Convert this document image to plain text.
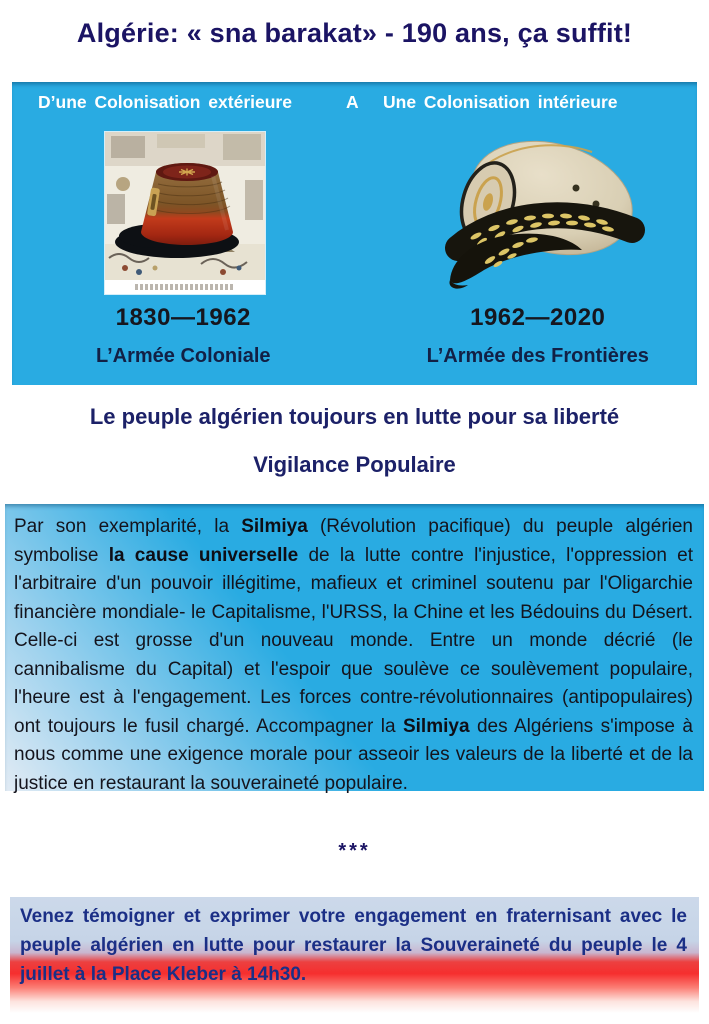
Algérie: « sna barakat» - 190 ans, ça suffit!
D’une Colonisation extérieure	A Une Colonisation intérieure
1830—1962	1962—2020
L’Armée Coloniale	L’Armée des Frontières
Le peuple algérien toujours en lutte pour sa liberté
Vigilance Populaire
Par son exemplarité, la Silmiya (Révolution pacifique) du peuple algérien symbolise la cause universelle de la lutte contre l'injustice, l'oppression et l'arbitraire d'un pouvoir illégitime, mafieux et criminel soutenu par l'Oligarchie financière mondiale- le Capitalisme, l'URSS, la Chine et les Bédouins du Désert. Celle-ci est grosse d'un nouveau monde. Entre un monde décrié (le cannibalisme du Capital) et l'espoir que soulève ce soulèvement populaire, l'heure est à l'engagement. Les forces contre-révolutionnaires (antipopulaires) ont toujours le fusil chargé. Accompagner la Silmiya des Algériens s'impose à nous comme une exigence morale pour asseoir les valeurs de la liberté et de la justice en restaurant la souveraineté populaire.
***

Venez témoigner et exprimer votre engagement en fraternisant avec le peuple algérien en lutte pour restaurer la Souveraineté du peuple le 4 juillet à la Place Kleber à 14h30.
